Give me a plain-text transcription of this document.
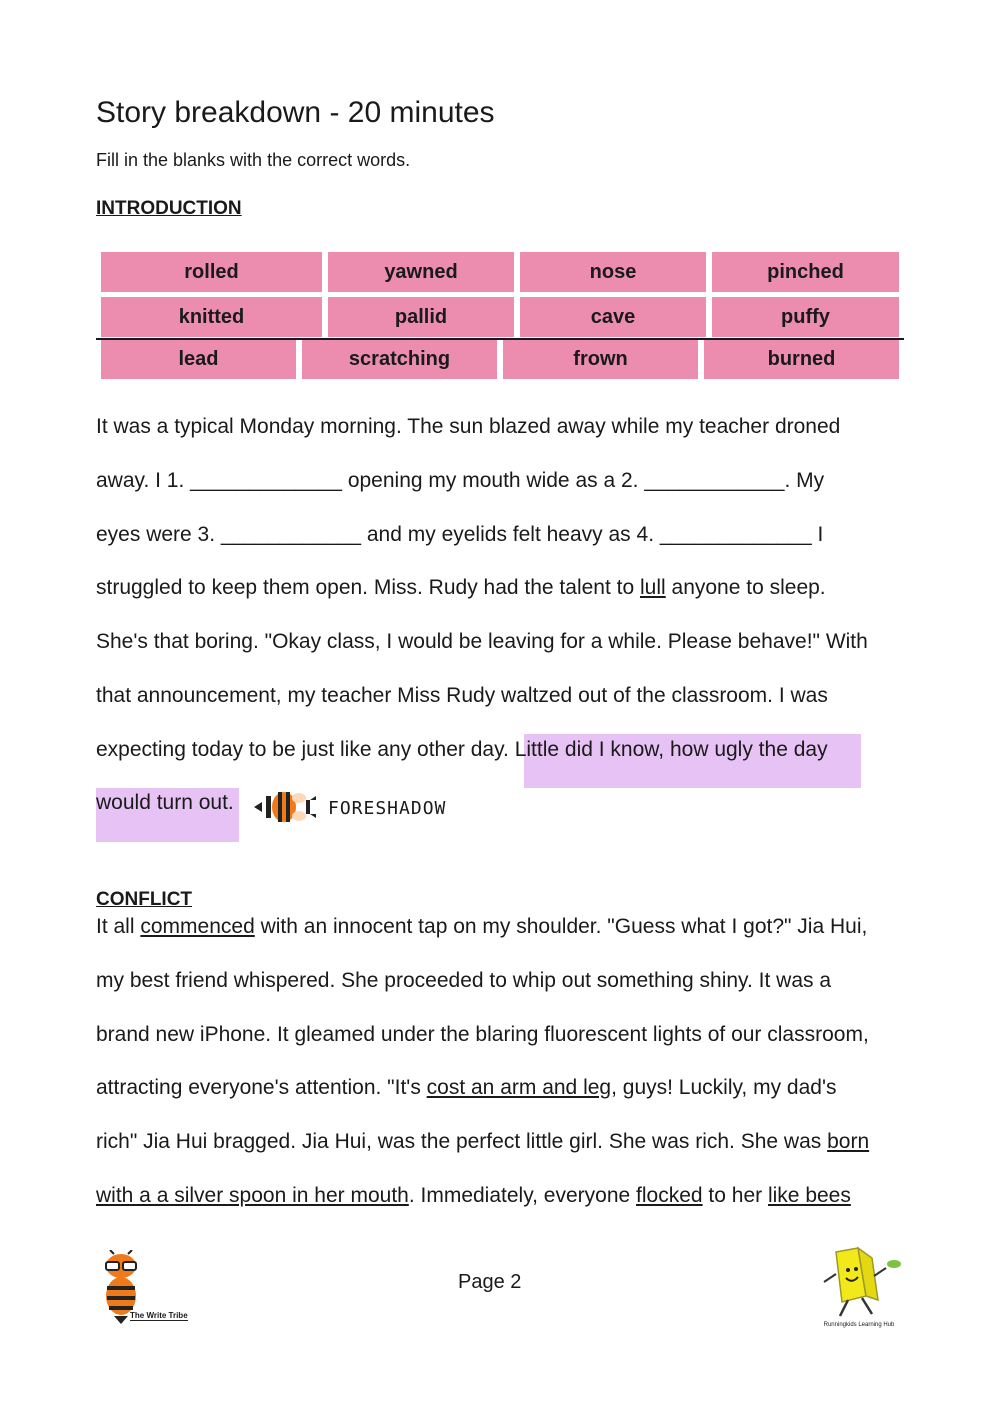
Story breakdown - 20 minutes
Fill in the blanks with the correct words.
INTRODUCTION
rolled	yawned	nose	pinched
knitted	pallid	cave	puffy
lead	scratching	frown	burned
It was a typical Monday morning. The sun blazed away while my teacher droned
away. I 1. _____________ opening my mouth wide as a 2. ____________. My
eyes were 3. ____________ and my eyelids felt heavy as 4. _____________ I
struggled to keep them open. Miss. Rudy had the talent to lull anyone to sleep.
She's that boring. "Okay class, I would be leaving for a while. Please behave!" With
that announcement, my teacher Miss Rudy waltzed out of the classroom. I was
expecting today to be just like any other day. Little did I know, how ugly the day
would turn out.	FORESHADOW
CONFLICT
It all commenced with an innocent tap on my shoulder. "Guess what I got?" Jia Hui,
my best friend whispered. She proceeded to whip out something shiny. It was a
brand new iPhone. It gleamed under the blaring fluorescent lights of our classroom,
attracting everyone's attention. "It's cost an arm and leg, guys! Luckily, my dad's
rich" Jia Hui bragged. Jia Hui, was the perfect little girl. She was rich. She was born
with a a silver spoon in her mouth. Immediately, everyone flocked to her like bees
The Write Tribe
Page 2
Runningkids Learning Hub
